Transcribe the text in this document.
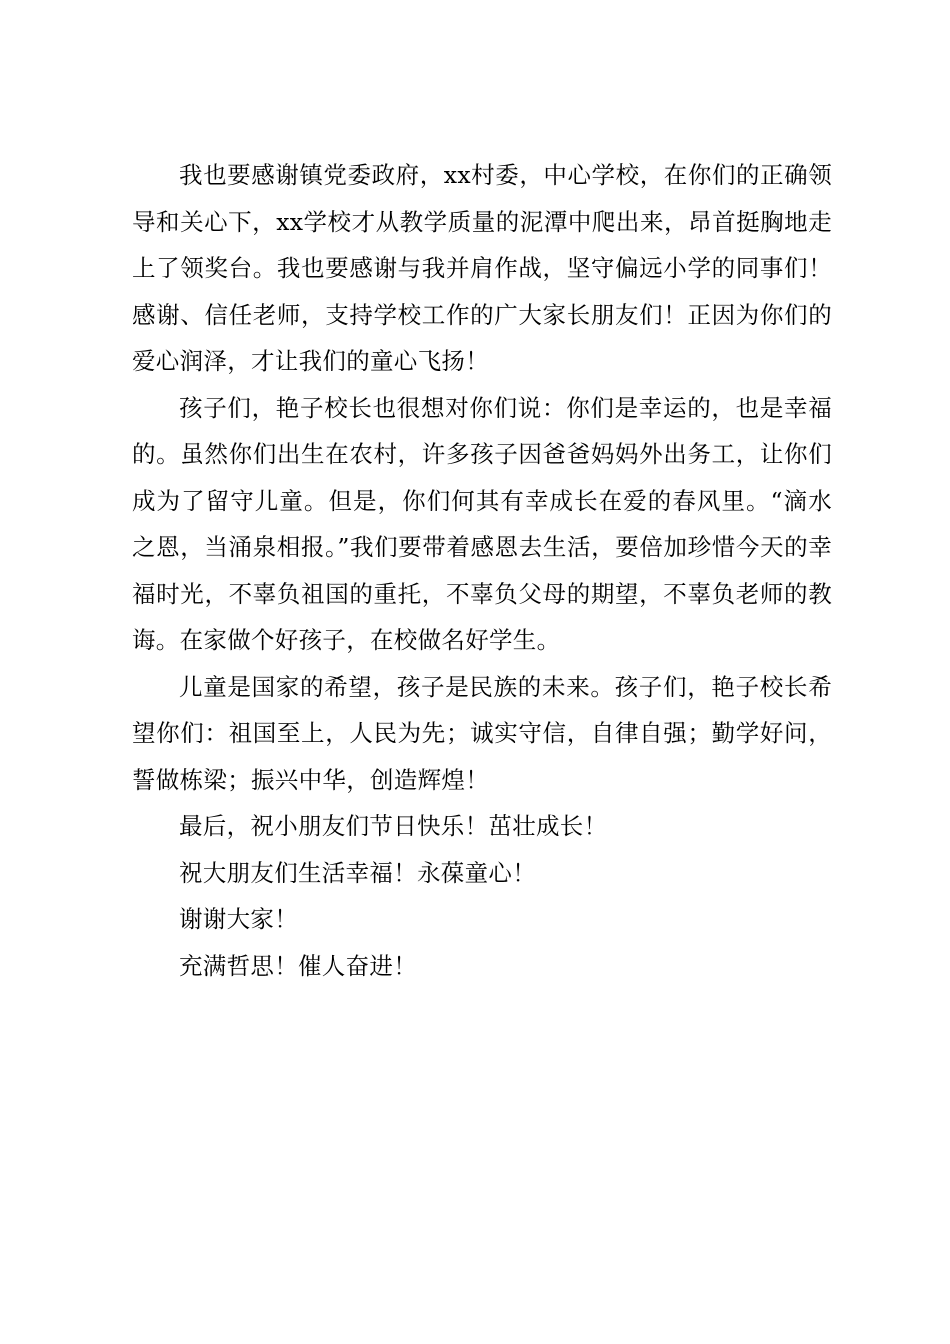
我也要感谢镇党委政府，xx村委，中心学校，在你们的正确领导和关心下，xx学校才从教学质量的泥潭中爬出来，昂首挺胸地走上了领奖台。我也要感谢与我并肩作战，坚守偏远小学的同事们！感谢、信任老师，支持学校工作的广大家长朋友们！正因为你们的爱心润泽，才让我们的童心飞扬！

孩子们，艳子校长也很想对你们说：你们是幸运的，也是幸福的。虽然你们出生在农村，许多孩子因爸爸妈妈外出务工，让你们成为了留守儿童。但是，你们何其有幸成长在爱的春风里。“滴水之恩，当涌泉相报。”我们要带着感恩去生活，要倍加珍惜今天的幸福时光，不辜负祖国的重托，不辜负父母的期望，不辜负老师的教诲。在家做个好孩子，在校做名好学生。

儿童是国家的希望，孩子是民族的未来。孩子们，艳子校长希望你们：祖国至上，人民为先；诚实守信，自律自强；勤学好问，誓做栋梁；振兴中华，创造辉煌！

最后，祝小朋友们节日快乐！茁壮成长！

祝大朋友们生活幸福！永葆童心！

谢谢大家！

充满哲思！催人奋进！
